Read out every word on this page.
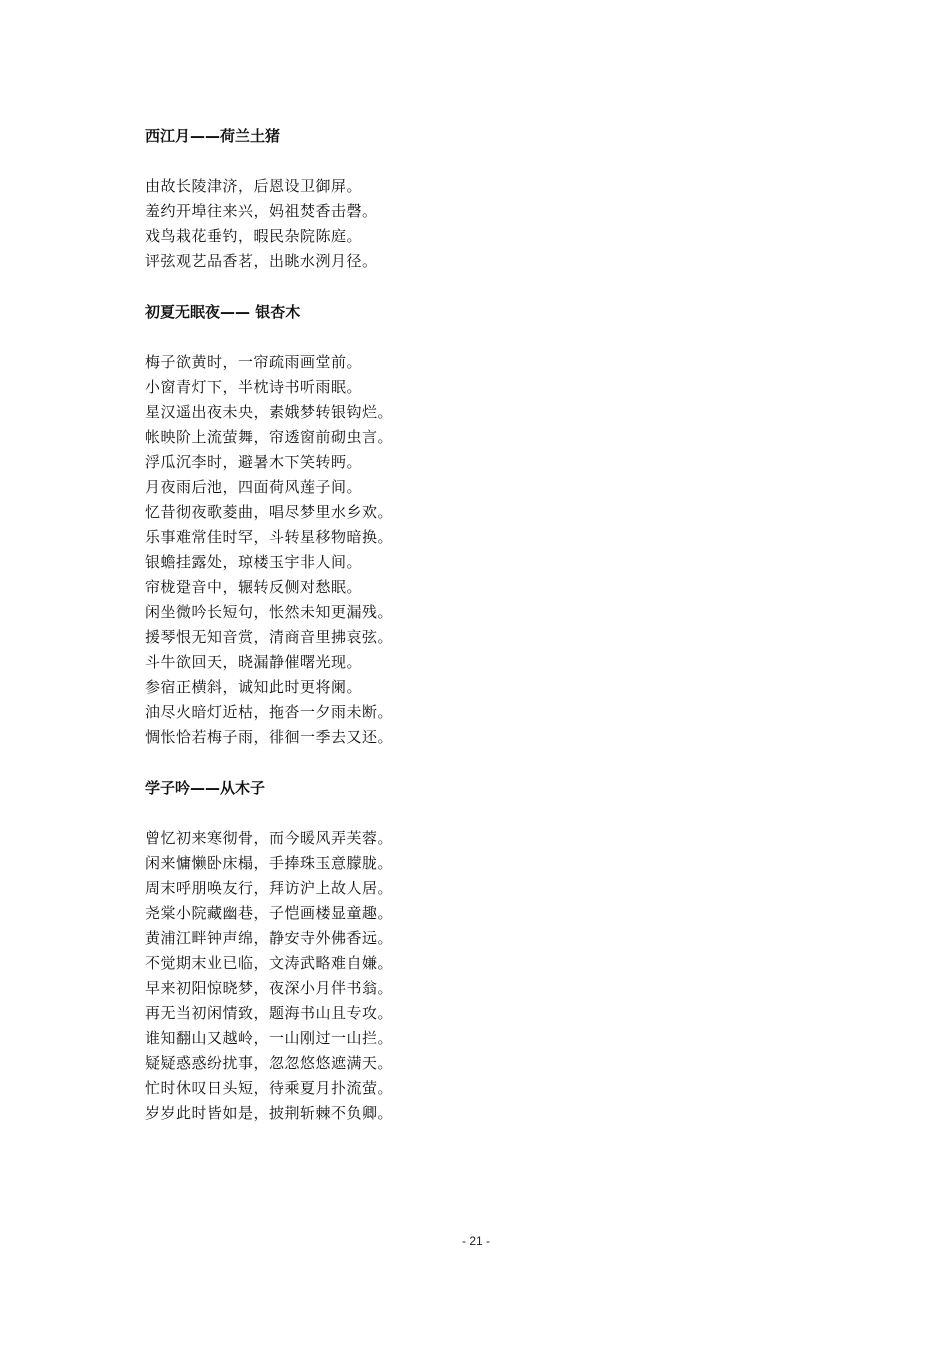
西江月——荷兰土猪
由故长陵津济，后恩设卫御屏。
羞约开埠往来兴，妈祖焚香击磬。
戏鸟栽花垂钓，暇民杂院陈庭。
评弦观艺品香茗，出眺水洌月径。
初夏无眠夜—— 银杏木
梅子欲黄时，一帘疏雨画堂前。
小窗青灯下，半枕诗书听雨眠。
星汉遥出夜未央，素娥梦转银钩烂。
帐映阶上流萤舞，帘透窗前砌虫言。
浮瓜沉李时，避暑木下笑转眄。
月夜雨后池，四面荷风莲子间。
忆昔彻夜歌菱曲，唱尽梦里水乡欢。
乐事难常佳时罕，斗转星移物暗换。
银蟾挂露处，琼楼玉宇非人间。
帘栊跫音中，辗转反侧对愁眠。
闲坐微吟长短句，怅然未知更漏残。
援琴恨无知音赏，清商音里拂哀弦。
斗牛欲回天，晓漏静催曙光现。
参宿正横斜，诚知此时更将阑。
油尽火暗灯近枯，拖沓一夕雨未断。
惆怅恰若梅子雨，徘徊一季去又还。
学子吟——从木子
曾忆初来寒彻骨，而今暖风弄芙蓉。
闲来慵懒卧床榻，手捧珠玉意朦胧。
周末呼朋唤友行，拜访沪上故人居。
尧棠小院藏幽巷，子恺画楼显童趣。
黄浦江畔钟声绵，静安寺外佛香远。
不觉期末业已临，文涛武略难自嫌。
早来初阳惊晓梦，夜深小月伴书翁。
再无当初闲情致，题海书山且专攻。
谁知翻山又越岭，一山刚过一山拦。
疑疑惑惑纷扰事，忽忽悠悠遮满天。
忙时休叹日头短，待乘夏月扑流萤。
岁岁此时皆如是，披荆斩棘不负卿。
- 21 -
